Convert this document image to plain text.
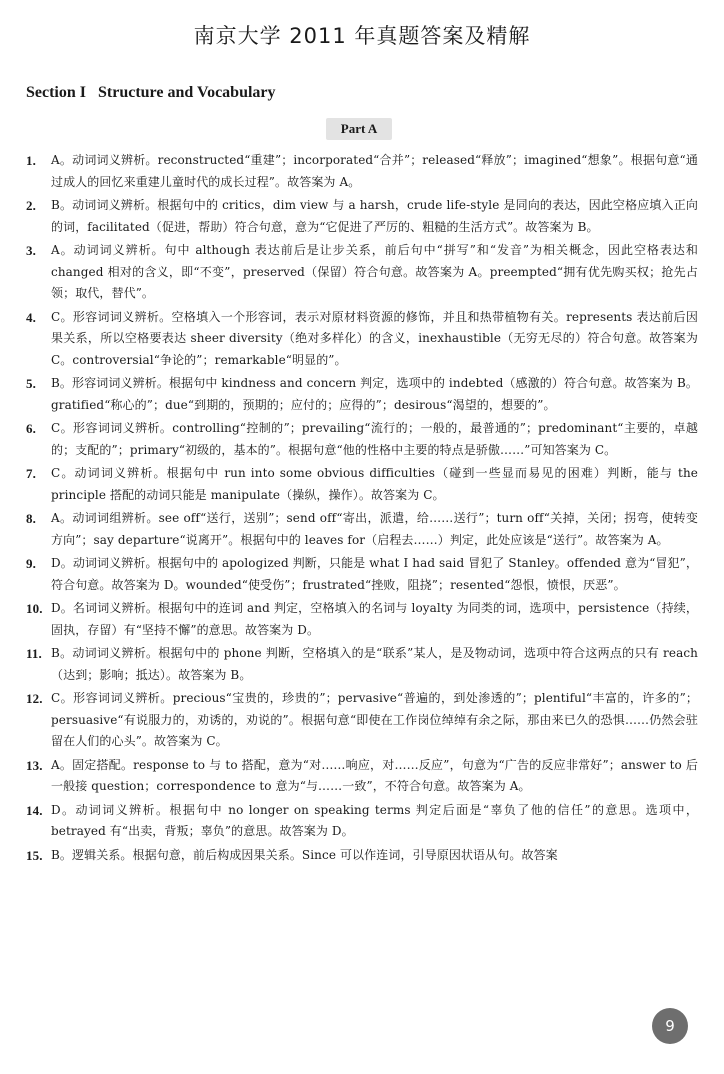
南京大学 2011 年真题答案及精解
Section I   Structure and Vocabulary
Part A
1. A。动词词义辨析。reconstructed“重建”；incorporated“合并”；released“释放”；imagined“想象”。根据句意“通过成人的回忆来重建儿童时代的成长过程”。故答案为 A。
2. B。动词词义辨析。根据句中的 critics，dim view 与 a harsh，crude life-style 是同向的表达，因此空格应填入正向的词，facilitated（促进，帮助）符合句意，意为“它促进了严厉的、粗糙的生活方式”。故答案为 B。
3. A。动词词义辨析。句中 although 表达前后是让步关系，前后句中“拼写”和“发音”为相关概念，因此空格表达和 changed 相对的含义，即“不变”，preserved（保留）符合句意。故答案为 A。preempted“拥有优先购买权；抢先占领；取代，替代”。
4. C。形容词词义辨析。空格填入一个形容词，表示对原材料资源的修饰，并且和热带植物有关。represents 表达前后因果关系，所以空格要表达 sheer diversity（绝对多样化）的含义，inexhaustible（无穷无尽的）符合句意。故答案为 C。controversial“争论的”；remarkable“明显的”。
5. B。形容词词义辨析。根据句中 kindness and concern 判定，选项中的 indebted（感激的）符合句意。故答案为 B。gratified“称心的”；due“到期的，预期的；应付的；应得的”；desirous“渴望的，想要的”。
6. C。形容词词义辨析。controlling“控制的”；prevailing“流行的；一般的，最普通的”；predominant“主要的，卓越的；支配的”；primary“初级的，基本的”。根据句意“他的性格中主要的特点是骄傲……”可知答案为 C。
7. C。动词词义辨析。根据句中 run into some obvious difficulties（碰到一些显而易见的困难）判断，能与 the principle 搭配的动词只能是 manipulate（操纵，操作）。故答案为 C。
8. A。动词词组辨析。see off“送行，送别”；send off“寄出，派遣，给……送行”；turn off“关掉，关闭；拐弯，使转变方向”；say departure“说离开”。根据句中的 leaves for（启程去……）判定，此处应该是“送行”。故答案为 A。
9. D。动词词义辨析。根据句中的 apologized 判断，只能是 what I had said 冒犯了 Stanley。offended 意为“冒犯”，符合句意。故答案为 D。wounded“使受伤”；frustrated“挫败，阻挠”；resented“怨恨，愤恨，厌恶”。
10. D。名词词义辨析。根据句中的连词 and 判定，空格填入的名词与 loyalty 为同类的词，选项中，persistence（持续，固执，存留）有“坚持不懈”的意思。故答案为 D。
11. B。动词词义辨析。根据句中的 phone 判断，空格填入的是“联系”某人，是及物动词，选项中符合这两点的只有 reach（达到；影响；抵达）。故答案为 B。
12. C。形容词词义辨析。precious“宝贵的，珍贵的”；pervasive“普遍的，到处渗透的”；plentiful“丰富的，许多的”；persuasive“有说服力的，劝诱的，劝说的”。根据句意“即使在工作岗位绰绰有余之际，那由来已久的恐惧……仍然会驻留在人们的心头”。故答案为 C。
13. A。固定搭配。response to 与 to 搭配，意为“对……响应，对……反应”，句意为“广告的反应非常好”；answer to 后一般接 question；correspondence to 意为“与……一致”，不符合句意。故答案为 A。
14. D。动词词义辨析。根据句中 no longer on speaking terms 判定后面是“辜负了他的信任”的意思。选项中，betrayed 有“出卖，背叛；辜负”的意思。故答案为 D。
15. B。逻辑关系。根据句意，前后构成因果关系。Since 可以作连词，引导原因状语从句。故答案
9
